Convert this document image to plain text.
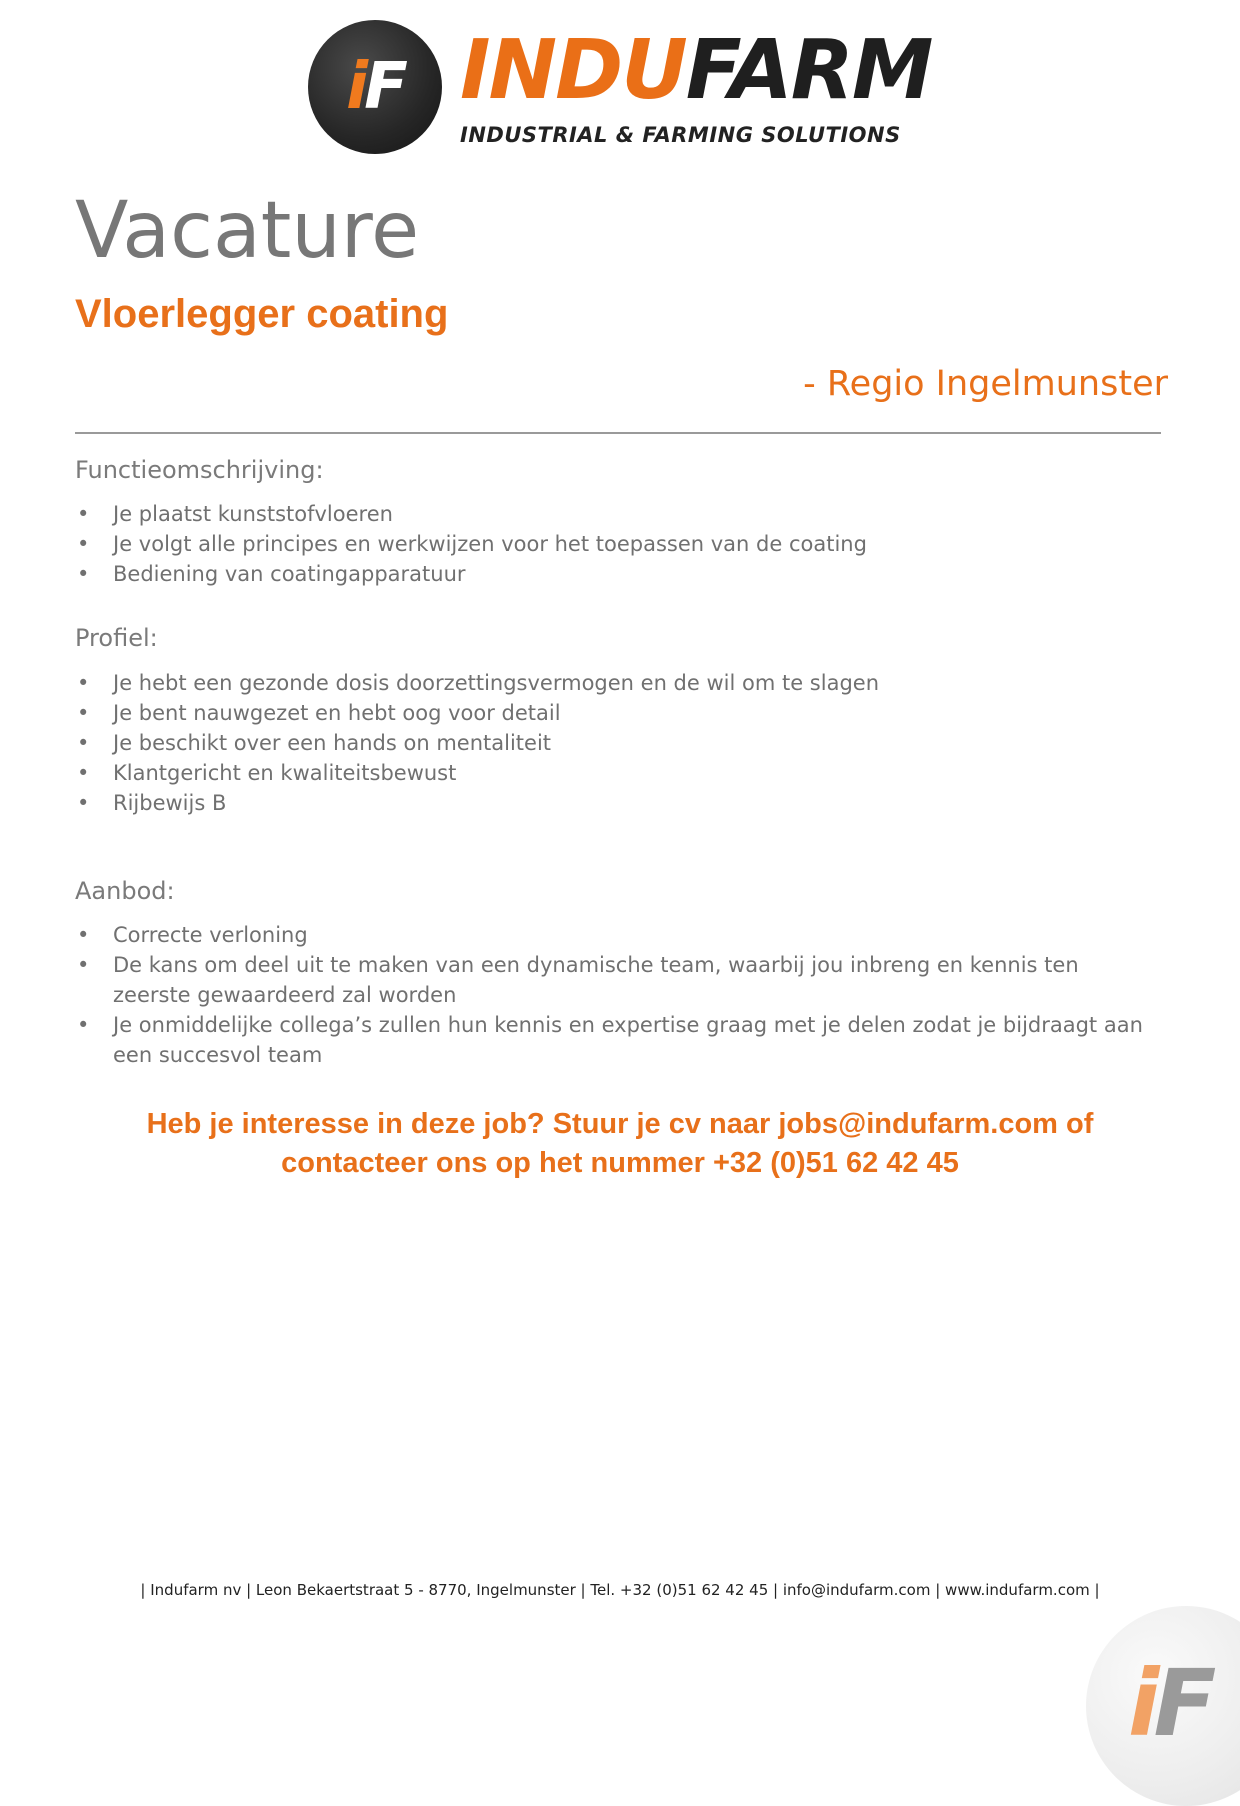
i F INDUFARM
INDUSTRIAL & FARMING SOLUTIONS
Vacature
Vloerlegger coating
- Regio Ingelmunster
Functieomschrijving:
• Je plaatst kunststofvloeren
• Je volgt alle principes en werkwijzen voor het toepassen van de coating
• Bediening van coatingapparatuur
Profiel:
• Je hebt een gezonde dosis doorzettingsvermogen en de wil om te slagen
• Je bent nauwgezet en hebt oog voor detail
• Je beschikt over een hands on mentaliteit
• Klantgericht en kwaliteitsbewust
• Rijbewijs B
Aanbod:
• Correcte verloning
• De kans om deel uit te maken van een dynamische team, waarbij jou inbreng en kennis ten zeerste gewaardeerd zal worden
• Je onmiddelijke collega’s zullen hun kennis en expertise graag met je delen zodat je bijdraagt aan een succesvol team
Heb je interesse in deze job? Stuur je cv naar jobs@indufarm.com of contacteer ons op het nummer +32 (0)51 62 42 45
| Indufarm nv | Leon Bekaertstraat 5 - 8770, Ingelmunster | Tel. +32 (0)51 62 42 45 | info@indufarm.com | www.indufarm.com |
iF
